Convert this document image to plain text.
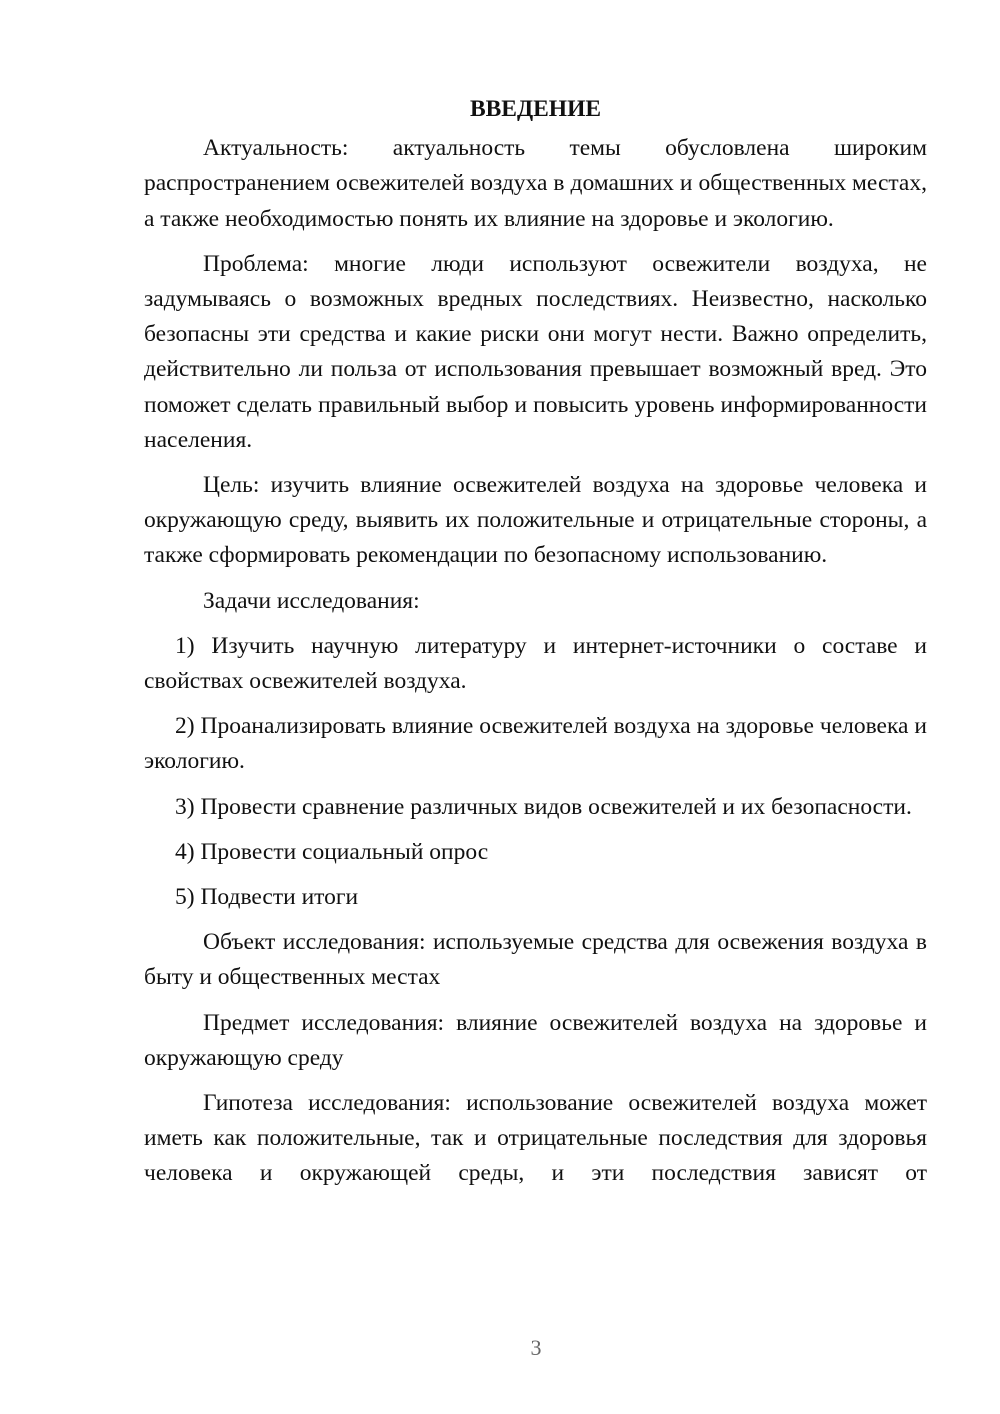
ВВЕДЕНИЕ

Актуальность: актуальность темы обусловлена широким распространением освежителей воздуха в домашних и общественных местах, а также необходимостью понять их влияние на здоровье и экологию.

Проблема: многие люди используют освежители воздуха, не задумываясь о возможных вредных последствиях. Неизвестно, насколько безопасны эти средства и какие риски они могут нести. Важно определить, действительно ли польза от использования превышает возможный вред. Это поможет сделать правильный выбор и повысить уровень информированности населения.

Цель: изучить влияние освежителей воздуха на здоровье человека и окружающую среду, выявить их положительные и отрицательные стороны, а также сформировать рекомендации по безопасному использованию.

Задачи исследования:

1) Изучить научную литературу и интернет-источники о составе и свойствах освежителей воздуха.

2) Проанализировать влияние освежителей воздуха на здоровье человека и экологию.

3) Провести сравнение различных видов освежителей и их безопасности.

4) Провести социальный опрос

5) Подвести итоги

Объект исследования: используемые средства для освежения воздуха в быту и общественных местах

Предмет исследования: влияние освежителей воздуха на здоровье и окружающую среду

Гипотеза исследования: использование освежителей воздуха может иметь как положительные, так и отрицательные последствия для здоровья человека и окружающей среды, и эти последствия зависят от

3
